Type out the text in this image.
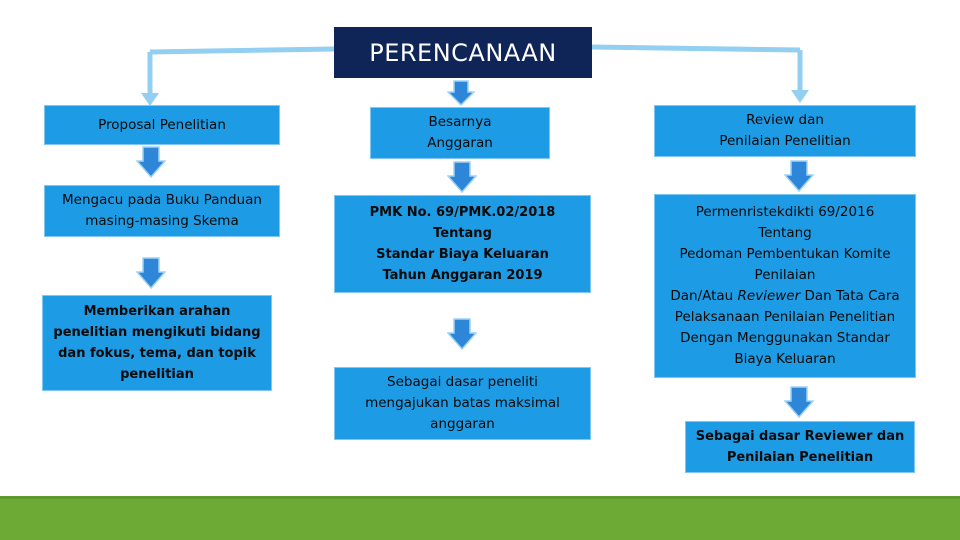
PERENCANAAN
Proposal Penelitian
Mengacu pada Buku Panduan
masing-masing Skema
Memberikan arahan
penelitian mengikuti bidang
dan fokus, tema, dan topik
penelitian
Besarnya
Anggaran
PMK No. 69/PMK.02/2018
Tentang
Standar Biaya Keluaran
Tahun Anggaran 2019
Sebagai dasar peneliti
mengajukan batas maksimal
anggaran
Review dan
Penilaian Penelitian
Permenristekdikti 69/2016
Tentang
Pedoman Pembentukan Komite
Penilaian
Dan/Atau Reviewer Dan Tata Cara
Pelaksanaan Penilaian Penelitian
Dengan Menggunakan Standar
Biaya Keluaran
Sebagai dasar Reviewer dan
Penilaian Penelitian
